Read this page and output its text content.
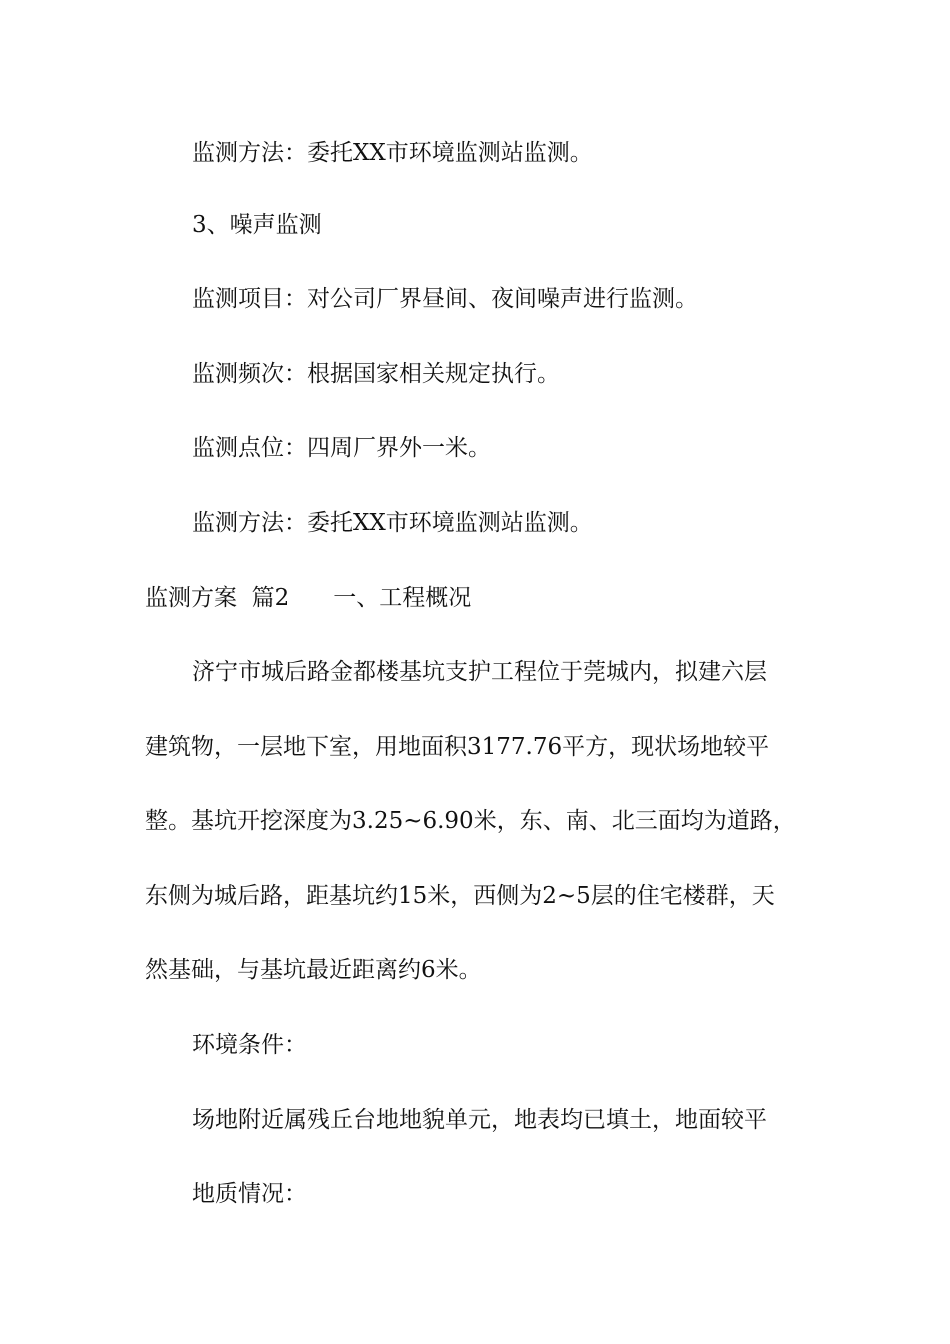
监测方法：委托XX市环境监测站监测。
3、噪声监测
监测项目：对公司厂界昼间、夜间噪声进行监测。
监测频次：根据国家相关规定执行。
监测点位：四周厂界外一米。
监测方法：委托XX市环境监测站监测。
监测方案  篇2 一、工程概况
济宁市城后路金都楼基坑支护工程位于莞城内，拟建六层
建筑物，一层地下室，用地面积3177.76平方，现状场地较平
整。基坑开挖深度为3.25~6.90米，东、南、北三面均为道路，
东侧为城后路，距基坑约15米，西侧为2~5层的住宅楼群，天
然基础，与基坑最近距离约6米。
环境条件：
场地附近属残丘台地地貌单元，地表均已填土，地面较平
地质情况：
